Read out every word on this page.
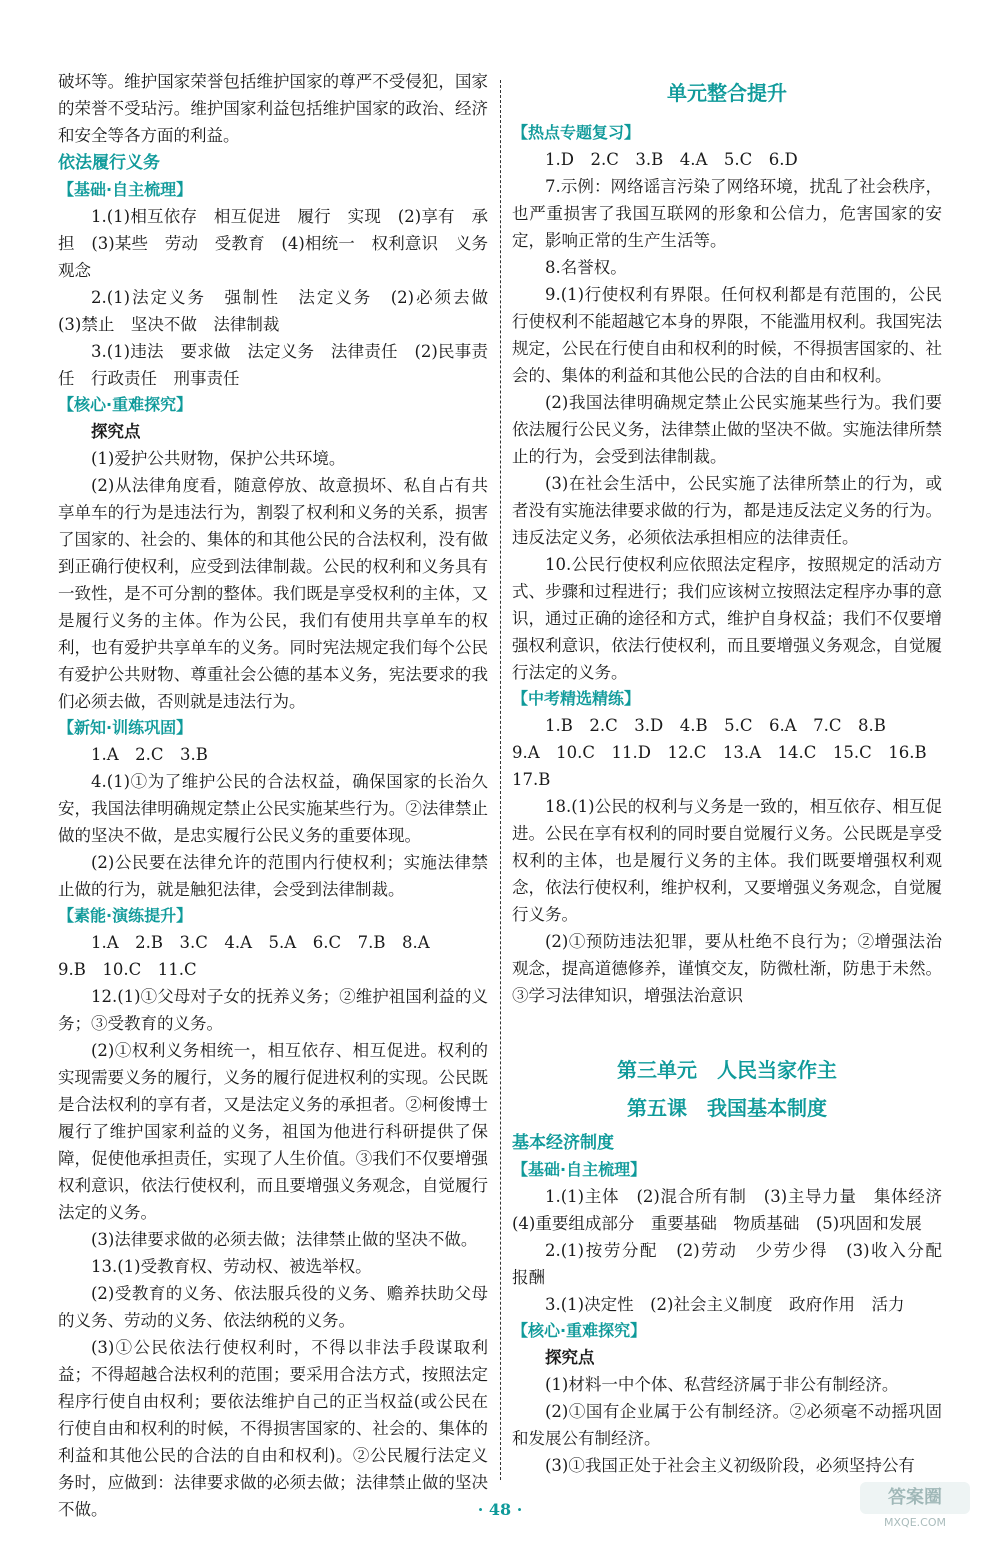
破坏等。维护国家荣誉包括维护国家的尊严不受侵犯，国家的荣誉不受玷污。维护国家利益包括维护国家的政治、经济和安全等各方面的利益。

依法履行义务

【基础·自主梳理】

1.(1)相互依存　相互促进　履行　实现　(2)享有　承担　(3)某些　劳动　受教育　(4)相统一　权利意识　义务观念

2.(1)法定义务　强制性　法定义务　(2)必须去做　(3)禁止　坚决不做　法律制裁

3.(1)违法　要求做　法定义务　法律责任　(2)民事责任　行政责任　刑事责任

【核心·重难探究】

探究点

(1)爱护公共财物，保护公共环境。

(2)从法律角度看，随意停放、故意损坏、私自占有共享单车的行为是违法行为，割裂了权利和义务的关系，损害了国家的、社会的、集体的和其他公民的合法权利，没有做到正确行使权利，应受到法律制裁。公民的权利和义务具有一致性，是不可分割的整体。我们既是享受权利的主体，又是履行义务的主体。作为公民，我们有使用共享单车的权利，也有爱护共享单车的义务。同时宪法规定我们每个公民有爱护公共财物、尊重社会公德的基本义务，宪法要求的我们必须去做，否则就是违法行为。

【新知·训练巩固】

1.A　2.C　3.B

4.(1)①为了维护公民的合法权益，确保国家的长治久安，我国法律明确规定禁止公民实施某些行为。②法律禁止做的坚决不做，是忠实履行公民义务的重要体现。

(2)公民要在法律允许的范围内行使权利；实施法律禁止做的行为，就是触犯法律，会受到法律制裁。

【素能·演练提升】

1.A　2.B　3.C　4.A　5.A　6.C　7.B　8.A

9.B　10.C　11.C

12.(1)①父母对子女的抚养义务；②维护祖国利益的义务；③受教育的义务。

(2)①权利义务相统一，相互依存、相互促进。权利的实现需要义务的履行，义务的履行促进权利的实现。公民既是合法权利的享有者，又是法定义务的承担者。②柯俊博士履行了维护国家利益的义务，祖国为他进行科研提供了保障，促使他承担责任，实现了人生价值。③我们不仅要增强权利意识，依法行使权利，而且要增强义务观念，自觉履行法定的义务。

(3)法律要求做的必须去做；法律禁止做的坚决不做。

13.(1)受教育权、劳动权、被选举权。

(2)受教育的义务、依法服兵役的义务、赡养扶助父母的义务、劳动的义务、依法纳税的义务。

(3)①公民依法行使权利时，不得以非法手段谋取利益；不得超越合法权利的范围；要采用合法方式，按照法定程序行使自由权利；要依法维护自己的正当权益(或公民在行使自由和权利的时候，不得损害国家的、社会的、集体的利益和其他公民的合法的自由和权利)。②公民履行法定义务时，应做到：法律要求做的必须去做；法律禁止做的坚决不做。

单元整合提升

【热点专题复习】

1.D　2.C　3.B　4.A　5.C　6.D

7.示例：网络谣言污染了网络环境，扰乱了社会秩序，也严重损害了我国互联网的形象和公信力，危害国家的安定，影响正常的生产生活等。

8.名誉权。

9.(1)行使权利有界限。任何权利都是有范围的，公民行使权利不能超越它本身的界限，不能滥用权利。我国宪法规定，公民在行使自由和权利的时候，不得损害国家的、社会的、集体的利益和其他公民的合法的自由和权利。

(2)我国法律明确规定禁止公民实施某些行为。我们要依法履行公民义务，法律禁止做的坚决不做。实施法律所禁止的行为，会受到法律制裁。

(3)在社会生活中，公民实施了法律所禁止的行为，或者没有实施法律要求做的行为，都是违反法定义务的行为。违反法定义务，必须依法承担相应的法律责任。

10.公民行使权利应依照法定程序，按照规定的活动方式、步骤和过程进行；我们应该树立按照法定程序办事的意识，通过正确的途径和方式，维护自身权益；我们不仅要增强权利意识，依法行使权利，而且要增强义务观念，自觉履行法定的义务。

【中考精选精练】

1.B　2.C　3.D　4.B　5.C　6.A　7.C　8.B

9.A　10.C　11.D　12.C　13.A　14.C　15.C　16.B

17.B

18.(1)公民的权利与义务是一致的，相互依存、相互促进。公民在享有权利的同时要自觉履行义务。公民既是享受权利的主体，也是履行义务的主体。我们既要增强权利观念，依法行使权利，维护权利，又要增强义务观念，自觉履行义务。

(2)①预防违法犯罪，要从杜绝不良行为；②增强法治观念，提高道德修养，谨慎交友，防微杜渐，防患于未然。③学习法律知识，增强法治意识

第三单元　人民当家作主

第五课　我国基本制度

基本经济制度

【基础·自主梳理】

1.(1)主体　(2)混合所有制　(3)主导力量　集体经济　(4)重要组成部分　重要基础　物质基础　(5)巩固和发展

2.(1)按劳分配　(2)劳动　少劳少得　(3)收入分配　报酬

3.(1)决定性　(2)社会主义制度　政府作用　活力

【核心·重难探究】

探究点

(1)材料一中个体、私营经济属于非公有制经济。

(2)①国有企业属于公有制经济。②必须毫不动摇巩固和发展公有制经济。

(3)①我国正处于社会主义初级阶段，必须坚持公有

· 48 ·
答案圈
MXQE.COM
